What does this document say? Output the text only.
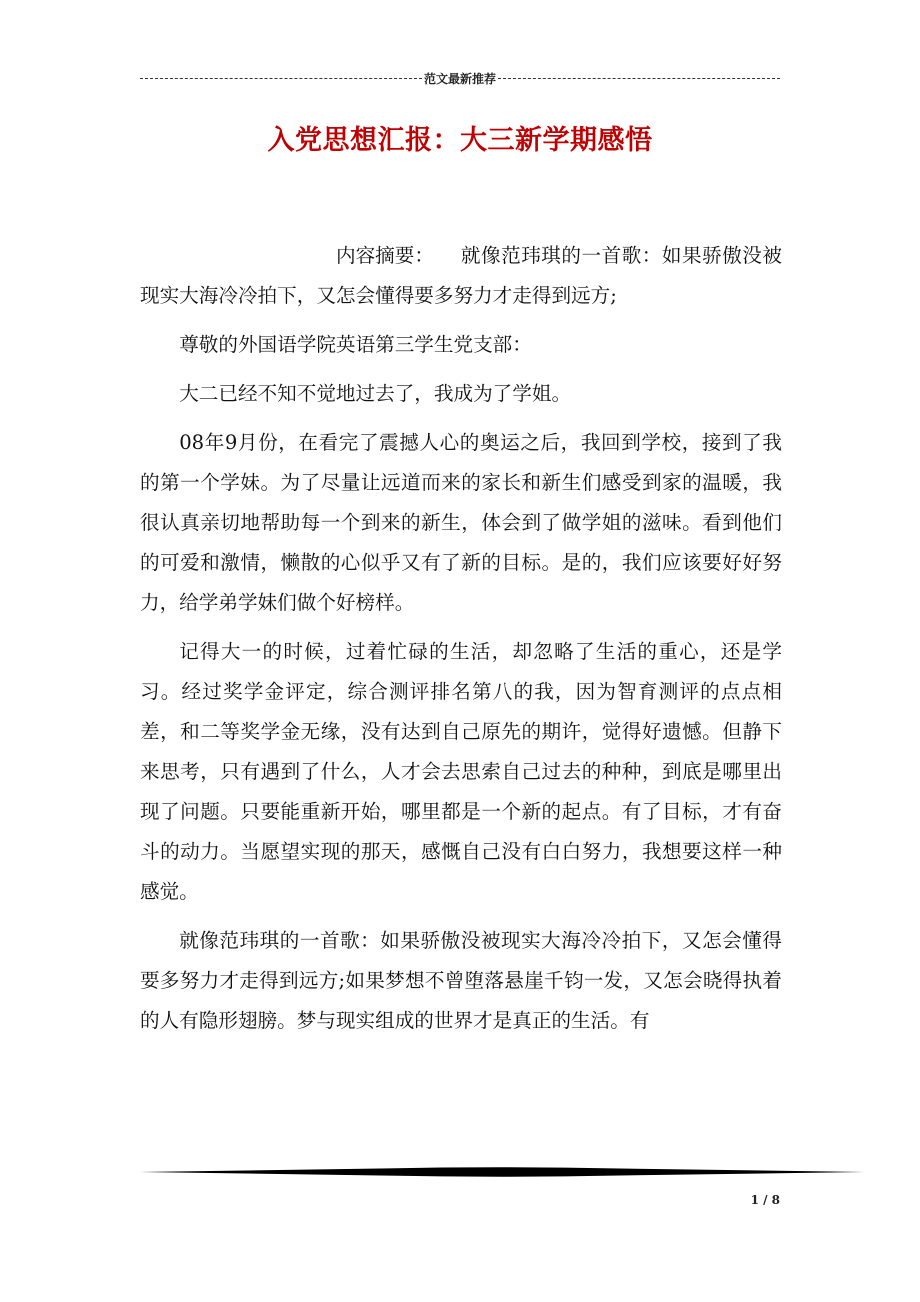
范文最新推荐
入党思想汇报：大三新学期感悟

内容摘要： 就像范玮琪的一首歌：如果骄傲没被现实大海冷冷拍下，又怎会懂得要多努力才走得到远方;

尊敬的外国语学院英语第三学生党支部：

大二已经不知不觉地过去了，我成为了学姐。

08年9月份，在看完了震撼人心的奥运之后，我回到学校，接到了我的第一个学妹。为了尽量让远道而来的家长和新生们感受到家的温暖，我很认真亲切地帮助每一个到来的新生，体会到了做学姐的滋味。看到他们的可爱和激情，懒散的心似乎又有了新的目标。是的，我们应该要好好努力，给学弟学妹们做个好榜样。

记得大一的时候，过着忙碌的生活，却忽略了生活的重心，还是学习。经过奖学金评定，综合测评排名第八的我，因为智育测评的点点相差，和二等奖学金无缘，没有达到自己原先的期许，觉得好遗憾。但静下来思考，只有遇到了什么，人才会去思索自己过去的种种，到底是哪里出现了问题。只要能重新开始，哪里都是一个新的起点。有了目标，才有奋斗的动力。当愿望实现的那天，感慨自己没有白白努力，我想要这样一种感觉。

就像范玮琪的一首歌：如果骄傲没被现实大海冷冷拍下，又怎会懂得要多努力才走得到远方;如果梦想不曾堕落悬崖千钧一发，又怎会晓得执着的人有隐形翅膀。梦与现实组成的世界才是真正的生活。有

1 / 8
